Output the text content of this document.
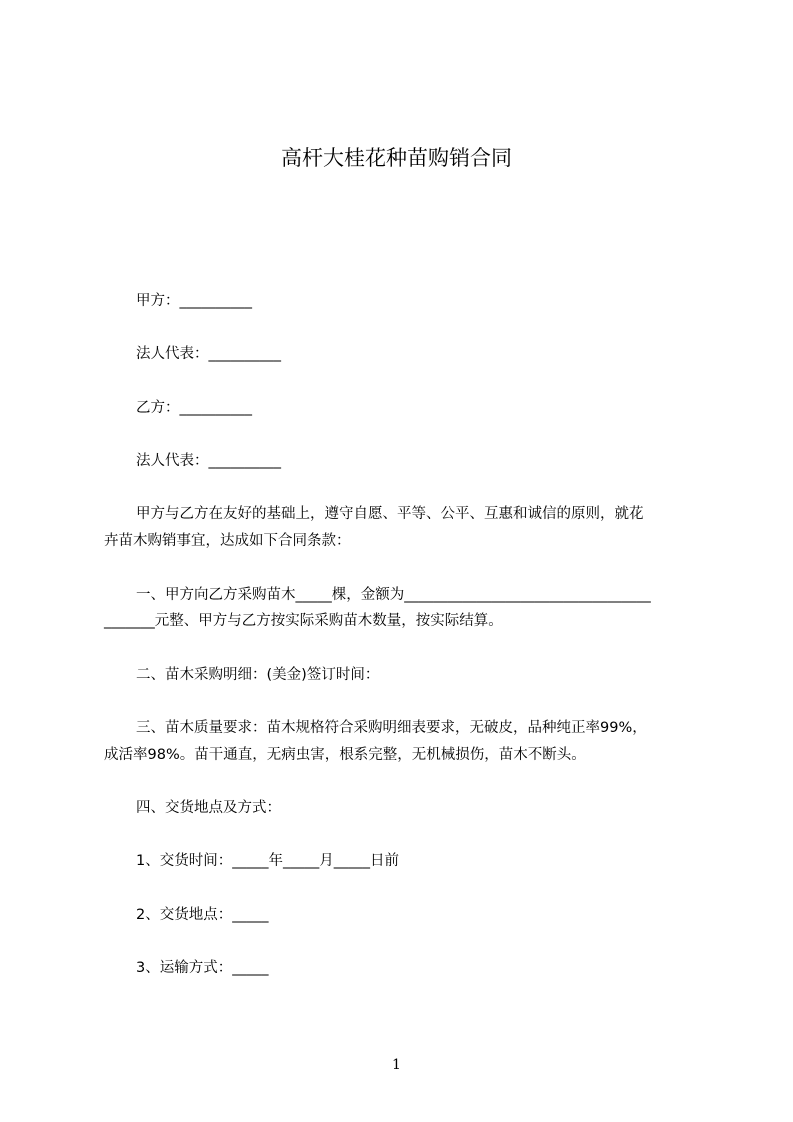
高杆大桂花种苗购销合同
甲方：__________
法人代表：__________
乙方：__________
法人代表：__________
甲方与乙方在友好的基础上，遵守自愿、平等、公平、互惠和诚信的原则，就花
卉苗木购销事宜，达成如下合同条款：
一、甲方向乙方采购苗木_____棵，金额为__________________________________
_______元整、甲方与乙方按实际采购苗木数量，按实际结算。
二、苗木采购明细：(美金)签订时间：
三、苗木质量要求：苗木规格符合采购明细表要求，无破皮，品种纯正率99%，
成活率98%。苗干通直，无病虫害，根系完整，无机械损伤，苗木不断头。
四、交货地点及方式：
1、交货时间：_____年_____月_____日前
2、交货地点：_____
3、运输方式：_____
1
